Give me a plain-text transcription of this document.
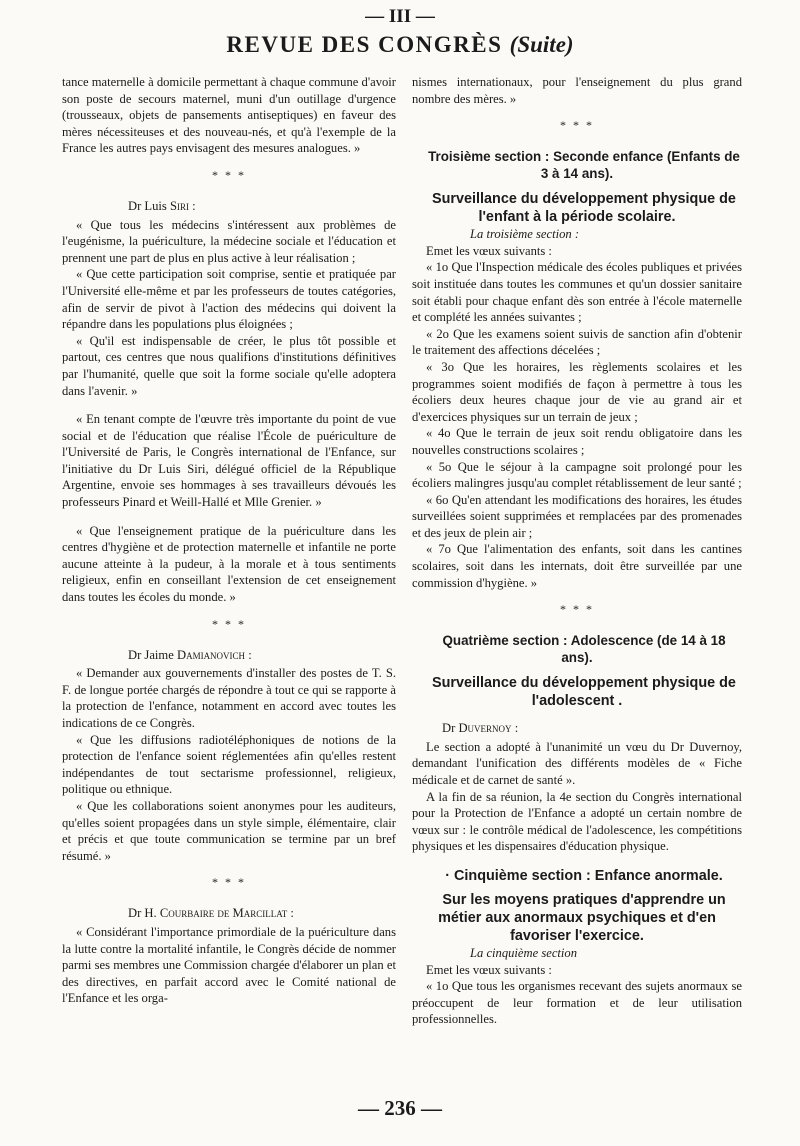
— III —
REVUE DES CONGRÈS (Suite)

tance maternelle à domicile permettant à chaque commune d'avoir son poste de secours maternel, muni d'un outillage d'urgence (trousseaux, objets de pansements antiseptiques) en faveur des mères nécessiteuses et des nouveau-nés, et qu'à l'exemple de la France les autres pays envisagent des mesures analogues. »

* * *

Dr Luis Siri :

« Que tous les médecins s'intéressent aux problèmes de l'eugénisme, la puériculture, la médecine sociale et l'éducation et prennent une part de plus en plus active à leur réalisation ;

« Que cette participation soit comprise, sentie et pratiquée par l'Université elle-même et par les professeurs de toutes catégories, afin de servir de pivot à l'action des médecins qui doivent la répandre dans les populations plus éloignées ;

« Qu'il est indispensable de créer, le plus tôt possible et partout, ces centres que nous qualifions d'institutions définitives par l'humanité, quelle que soit la forme sociale qu'elle adoptera dans l'avenir. »

« En tenant compte de l'œuvre très importante du point de vue social et de l'éducation que réalise l'École de puériculture de l'Université de Paris, le Congrès international de l'Enfance, sur l'initiative du Dr Luis Siri, délégué officiel de la République Argentine, envoie ses hommages à ses travailleurs dévoués les professeurs Pinard et Weill-Hallé et Mlle Grenier. »

« Que l'enseignement pratique de la puériculture dans les centres d'hygiène et de protection maternelle et infantile ne porte aucune atteinte à la pudeur, à la morale et à tous sentiments religieux, enfin en conseillant l'extension de cet enseignement dans toutes les écoles du monde. »

* * *

Dr Jaime Damianovich :

« Demander aux gouvernements d'installer des postes de T. S. F. de longue portée chargés de répondre à tout ce qui se rapporte à la protection de l'enfance, notamment en accord avec toutes les indications de ce Congrès.

« Que les diffusions radiotéléphoniques de notions de la protection de l'enfance soient réglementées afin qu'elles restent indépendantes de tout sectarisme professionnel, religieux, politique ou ethnique.

« Que les collaborations soient anonymes pour les auditeurs, qu'elles soient propagées dans un style simple, élémentaire, clair et précis et que toute communication se termine par un bref résumé. »

* * *

Dr H. Courbaire de Marcillat :

« Considérant l'importance primordiale de la puériculture dans la lutte contre la mortalité infantile, le Congrès décide de nommer parmi ses membres une Commission chargée d'élaborer un plan et des directives, en parfait accord avec le Comité national de l'Enfance et les orga-

nismes internationaux, pour l'enseignement du plus grand nombre des mères. »

* * *

Troisième section : Seconde enfance (Enfants de 3 à 14 ans).

Surveillance du développement physique de l'enfant à la période scolaire.

La troisième section :

Emet les vœux suivants :

« 1o Que l'Inspection médicale des écoles publiques et privées soit instituée dans toutes les communes et qu'un dossier sanitaire soit établi pour chaque enfant dès son entrée à l'école maternelle et complété les années suivantes ;

« 2o Que les examens soient suivis de sanction afin d'obtenir le traitement des affections décelées ;

« 3o Que les horaires, les règlements scolaires et les programmes soient modifiés de façon à permettre à tous les écoliers deux heures chaque jour de vie au grand air et d'exercices physiques sur un terrain de jeux ;

« 4o Que le terrain de jeux soit rendu obligatoire dans les nouvelles constructions scolaires ;

« 5o Que le séjour à la campagne soit prolongé pour les écoliers malingres jusqu'au complet rétablissement de leur santé ;

« 6o Qu'en attendant les modifications des horaires, les études surveillées soient supprimées et remplacées par des promenades et des jeux de plein air ;

« 7o Que l'alimentation des enfants, soit dans les cantines scolaires, soit dans les internats, doit être surveillée par une commission d'hygiène. »

* * *

Quatrième section : Adolescence (de 14 à 18 ans).

Surveillance du développement physique de l'adolescent .

Dr Duvernoy :

Le section a adopté à l'unanimité un vœu du Dr Duvernoy, demandant l'unification des différents modèles de « Fiche médicale et de carnet de santé ».

A la fin de sa réunion, la 4e section du Congrès international pour la Protection de l'Enfance a adopté un certain nombre de vœux sur : le contrôle médical de l'adolescence, les compétitions physiques et les dispensaires d'éducation physique.

· Cinquième section : Enfance anormale.

Sur les moyens pratiques d'apprendre un métier aux anormaux psychiques et d'en favoriser l'exercice.

La cinquième section

Emet les vœux suivants :

« 1o Que tous les organismes recevant des sujets anormaux se préoccupent de leur formation et de leur utilisation professionnelles.

— 236 —
